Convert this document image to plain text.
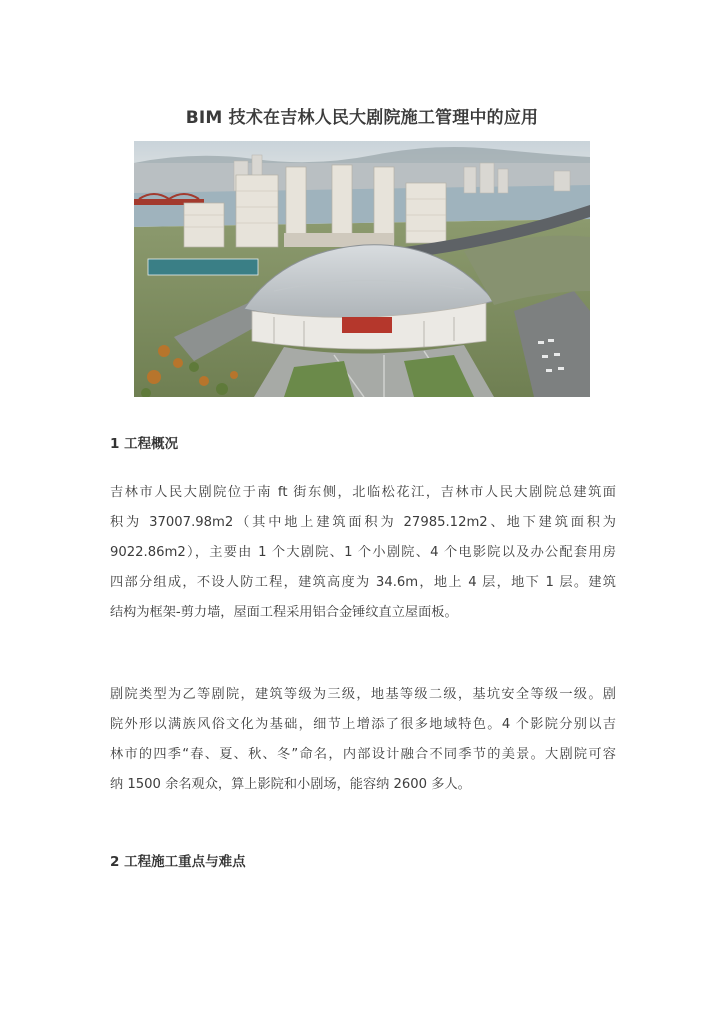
BIM 技术在吉林人民大剧院施工管理中的应用
1 工程概况

吉林市人民大剧院位于南 ft 街东侧，北临松花江，吉林市人民大剧院总建筑面
积为 37007.98m2（其中地上建筑面积为 27985.12m2、地下建筑面积为
9022.86m2），主要由 1 个大剧院、1 个小剧院、4 个电影院以及办公配套用房
四部分组成，不设人防工程，建筑高度为 34.6m，地上 4 层，地下 1 层。建筑
结构为框架-剪力墙，屋面工程采用铝合金锤纹直立屋面板。

剧院类型为乙等剧院，建筑等级为三级，地基等级二级，基坑安全等级一级。剧
院外形以满族风俗文化为基础，细节上增添了很多地域特色。4 个影院分别以吉
林市的四季“春、夏、秋、冬”命名，内部设计融合不同季节的美景。大剧院可容
纳 1500 余名观众，算上影院和小剧场，能容纳 2600 多人。

2 工程施工重点与难点
